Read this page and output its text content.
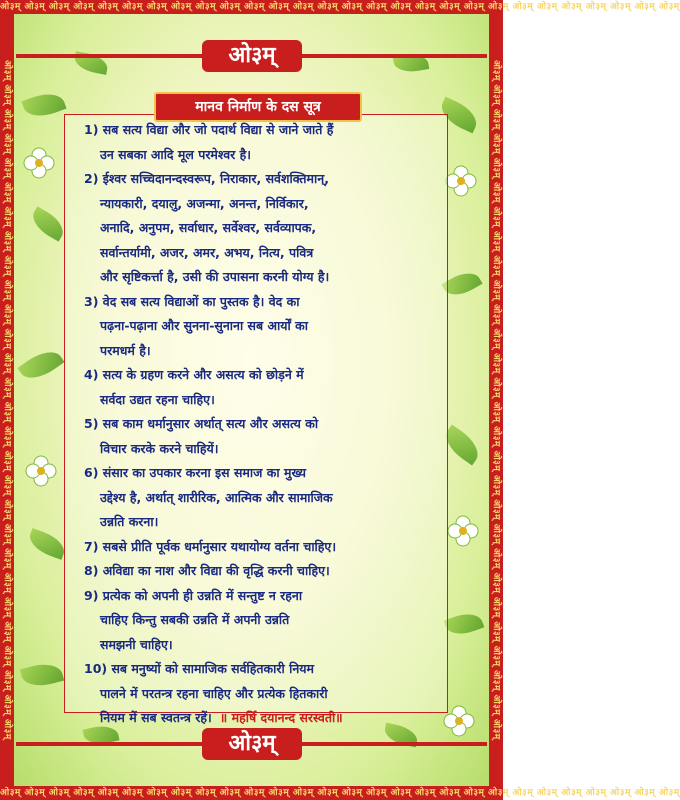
ओ३म् ओ३म् ओ३म् ओ३म् ओ३म् ओ३म् ओ३म् ओ३म् ओ३म् ओ३म् ओ३म् ओ३म् ओ३म् ओ३म् ओ३म् ओ३म् ओ३म् ओ३म् ओ३म् ओ३म् ओ३म् ओ३म् ओ३म् ओ३म् ओ३म् ओ३म् ओ३म् ओ३म्
ओ३म् ओ३म् ओ३म् ओ३म् ओ३म् ओ३म् ओ३म् ओ३म् ओ३म् ओ३म् ओ३म् ओ३म् ओ३म् ओ३म् ओ३म् ओ३म् ओ३म् ओ३म् ओ३म् ओ३म् ओ३म् ओ३म् ओ३म् ओ३म् ओ३म् ओ३म् ओ३म् ओ३म्
ओ३म् ओ३म् ओ३म् ओ३म् ओ३म् ओ३म् ओ३म् ओ३म् ओ३म् ओ३म् ओ३म् ओ३म् ओ३म् ओ३म् ओ३म् ओ३म् ओ३म् ओ३म् ओ३म् ओ३म् ओ३म् ओ३म् ओ३म् ओ३म् ओ३म् ओ३म् ओ३म् ओ३म्	ओ३म् ओ३म् ओ३म् ओ३म् ओ३म् ओ३म् ओ३म् ओ३म् ओ३म् ओ३म् ओ३म् ओ३म् ओ३म् ओ३म् ओ३म् ओ३म् ओ३म् ओ३म् ओ३म् ओ३म् ओ३म् ओ३म् ओ३म् ओ३म् ओ३म् ओ३म् ओ३म् ओ३म्
ओ३म्
मानव निर्माण के दस सूत्र
1) सब सत्य विद्या और जो पदार्थ विद्या से जाने जाते हैं
उन सबका आदि मूल परमेश्वर है।
2) ईश्वर सच्चिदानन्दस्वरूप, निराकार, सर्वशक्तिमान्,
न्यायकारी, दयालु, अजन्मा, अनन्त, निर्विकार,
अनादि, अनुपम, सर्वाधार, सर्वेश्वर, सर्वव्यापक,
सर्वान्तर्यामी, अजर, अमर, अभय, नित्य, पवित्र
और सृष्टिकर्त्ता है, उसी की उपासना करनी योग्य है।
3) वेद सब सत्य विद्याओं का पुस्तक है। वेद का
पढ़ना-पढ़ाना और सुनना-सुनाना सब आर्यों का
परमधर्म है।
4) सत्य के ग्रहण करने और असत्य को छोड़ने में
सर्वदा उद्यत रहना चाहिए।
5) सब काम धर्मानुसार अर्थात् सत्य और असत्य को
विचार करके करने चाहियें।
6) संसार का उपकार करना इस समाज का मुख्य
उद्देश्य है, अर्थात् शारीरिक, आत्मिक और सामाजिक
उन्नति करना।
7) सबसे प्रीति पूर्वक धर्मानुसार यथायोग्य वर्तना चाहिए।
8) अविद्या का नाश और विद्या की वृद्धि करनी चाहिए।
9) प्रत्येक को अपनी ही उन्नति में सन्तुष्ट न रहना
चाहिए किन्तु सबकी उन्नति में अपनी उन्नति
समझनी चाहिए।
10) सब मनुष्यों को सामाजिक सर्वहितकारी नियम
पालने में परतन्त्र रहना चाहिए और प्रत्येक हितकारी
नियम में सब स्वतन्त्र रहें। ॥ महर्षि दयानन्द सरस्वती॥
ओ३म्
